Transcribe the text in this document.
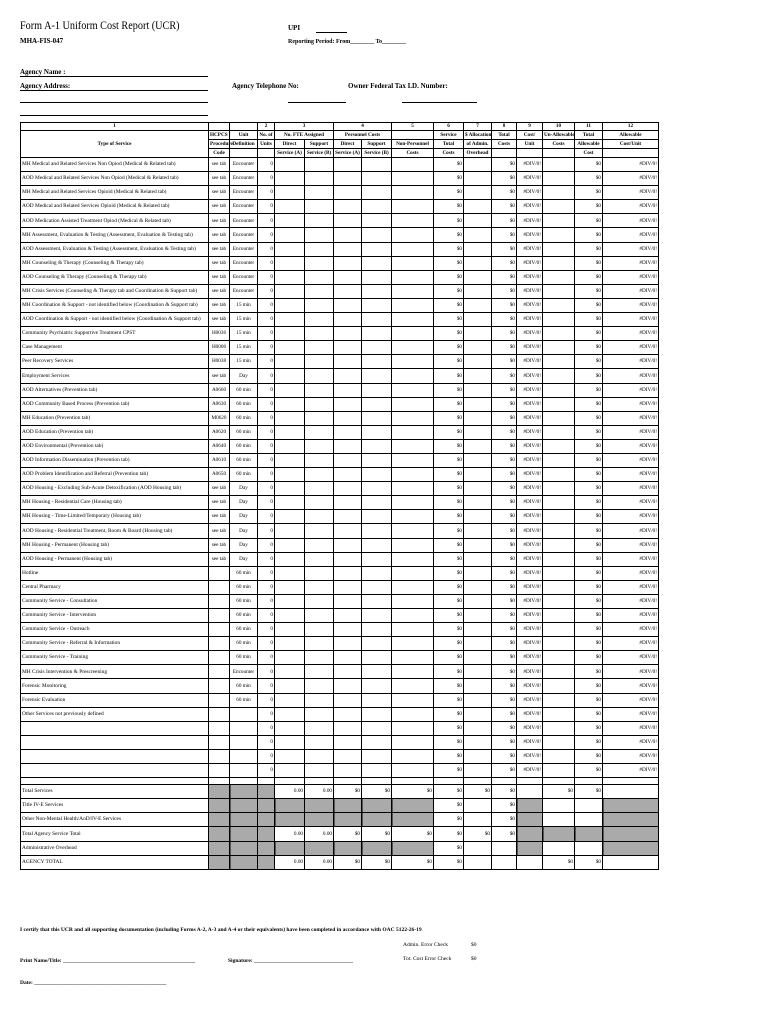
Form A-1 Uniform Cost Report (UCR)
MHA-FIS-047
UPI
Reporting Period: From________ To________
Agency Name :
Agency Address:	Agency Telephone No:	Owner Federal Tax I.D. Number:
1			2	3		4		5	6	7	8	9	10	11	12
Type of Service	HCPCS /	Unit	No. of	No. FTE Assigned		Personnel Costs			Service	$ Allocation	Total	Cost/	Un-Allowable	Total	Allowable
	Procedure	Definition	Units	Direct	Support	Direct	Support	Non-Personnel	Total	of Admin.	Costs	Unit	Costs	Allowable	Cost/Unit
	Code			Service (A)	Service (B)	Service (A)	Service (B)	Costs	Costs	Overhead				Cost	
MH Medical and Related Services Non Opiod (Medical & Related tab)	see tab	Encounter	0						$0		$0	#DIV/0!		$0	#DIV/0!
AOD Medical and Related Services Non Opiod (Medical & Related tab)	see tab	Encounter	0						$0		$0	#DIV/0!		$0	#DIV/0!
MH Medical and Related Services Opioid (Medical & Related tab)	see tab	Encounter	0						$0		$0	#DIV/0!		$0	#DIV/0!
AOD Medical and Related Services Opioid (Medical & Related tab)	see tab	Encounter	0						$0		$0	#DIV/0!		$0	#DIV/0!
AOD Medication Assisted Treatment Opiod (Medical & Related tab)	see tab	Encounter	0						$0		$0	#DIV/0!		$0	#DIV/0!
MH Assessment, Evaluation & Testing (Assessment, Evaluation & Testing tab)	see tab	Encounter	0						$0		$0	#DIV/0!		$0	#DIV/0!
AOD Assessment, Evaluation & Testing (Assessment, Evaluation & Testing tab)	see tab	Encounter	0						$0		$0	#DIV/0!		$0	#DIV/0!
MH Counseling & Therapy (Counseling & Therapy tab)	see tab	Encounter	0						$0		$0	#DIV/0!		$0	#DIV/0!
AOD Counseling & Therapy (Counseling & Therapy tab)	see tab	Encounter	0						$0		$0	#DIV/0!		$0	#DIV/0!
MH Crisis Services (Counseling & Therapy tab and Coordination & Support tab)	see tab	Encounter	0						$0		$0	#DIV/0!		$0	#DIV/0!
MH Coordination & Support - not identified below (Coordination & Support tab)	see tab	15 min	0						$0		$0	#DIV/0!		$0	#DIV/0!
AOD Coordination & Support - not identified below (Coordination & Support tab)	see tab	15 min	0						$0		$0	#DIV/0!		$0	#DIV/0!
Community Psychiatric Supportive Treatment CPST	H0036	15 min	0						$0		$0	#DIV/0!		$0	#DIV/0!
Case Management	H0006	15 min	0						$0		$0	#DIV/0!		$0	#DIV/0!
Peer Recovery Services	H0038	15 min	0						$0		$0	#DIV/0!		$0	#DIV/0!
Employment Services	see tab	Day	0						$0		$0	#DIV/0!		$0	#DIV/0!
AOD Alternatives (Prevention tab)	A0660	60 min	0						$0		$0	#DIV/0!		$0	#DIV/0!
AOD Community Based Process (Prevention tab)	A0630	60 min	0						$0		$0	#DIV/0!		$0	#DIV/0!
MH Education (Prevention tab)	M0620	60 min	0						$0		$0	#DIV/0!		$0	#DIV/0!
AOD Education (Prevention tab)	A0620	60 min	0						$0		$0	#DIV/0!		$0	#DIV/0!
AOD Environmental (Prevention tab)	A0640	60 min	0						$0		$0	#DIV/0!		$0	#DIV/0!
AOD Information Dissemination (Prevention tab)	A0610	60 min	0						$0		$0	#DIV/0!		$0	#DIV/0!
AOD Problem Identification and Referral (Prevention tab)	A0650	60 min	0						$0		$0	#DIV/0!		$0	#DIV/0!
AOD Housing - Excluding Sub-Acute Detoxification (AOD Housing tab)	see tab	Day	0						$0		$0	#DIV/0!		$0	#DIV/0!
MH Housing - Residential Care (Housing tab)	see tab	Day	0						$0		$0	#DIV/0!		$0	#DIV/0!
MH Housing - Time-Limited/Temporary (Housing tab)	see tab	Day	0						$0		$0	#DIV/0!		$0	#DIV/0!
AOD Housing - Residential Treatment, Room & Board (Housing tab)	see tab	Day	0						$0		$0	#DIV/0!		$0	#DIV/0!
MH Housing - Permanent (Housing tab)	see tab	Day	0						$0		$0	#DIV/0!		$0	#DIV/0!
AOD Housing - Permanent (Housing tab)	see tab	Day	0						$0		$0	#DIV/0!		$0	#DIV/0!
Hotline		60 min	0						$0		$0	#DIV/0!		$0	#DIV/0!
Central Pharmacy		60 min	0						$0		$0	#DIV/0!		$0	#DIV/0!
Community Service - Consultation		60 min	0						$0		$0	#DIV/0!		$0	#DIV/0!
Community Service - Intervention		60 min	0						$0		$0	#DIV/0!		$0	#DIV/0!
Community Service - Outreach		60 min	0						$0		$0	#DIV/0!		$0	#DIV/0!
Community Service - Referral & Information		60 min	0						$0		$0	#DIV/0!		$0	#DIV/0!
Community Service - Training		60 min	0						$0		$0	#DIV/0!		$0	#DIV/0!
MH Crisis Intervention & Prescreening		Encounter	0						$0		$0	#DIV/0!		$0	#DIV/0!
Forensic Monitoring		60 min	0						$0		$0	#DIV/0!		$0	#DIV/0!
Forensic Evaluation		60 min	0						$0		$0	#DIV/0!		$0	#DIV/0!
Other Services not previously defined			0						$0		$0	#DIV/0!		$0	#DIV/0!
			0						$0		$0	#DIV/0!		$0	#DIV/0!
			0						$0		$0	#DIV/0!		$0	#DIV/0!
			0						$0		$0	#DIV/0!		$0	#DIV/0!
			0						$0		$0	#DIV/0!		$0	#DIV/0!

Total Services				0.00	0.00	$0	$0	$0	$0	$0	$0		$0	$0	
Title IV-E Services									$0		$0				
Other Non-Mental Health/AoD/IV-E Services									$0		$0				
Total Agency Service Total				0.00	0.00	$0	$0	$0	$0	$0	$0				
Administrative Overhead									$0						
AGENCY TOTAL				0.00	0.00	$0	$0	$0	$0				$0	$0	
I certify that this UCR and all supporting documentation (including Forms A-2, A-3 and A-4 or their equivalents) have been completed in accordance with OAC 5122-26-19
Admin. Error Check	$0
Tot. Cost Error Check	$0
Print Name/Title: ________________________________________________	Signature: ____________________________________
Date: ________________________________________________
